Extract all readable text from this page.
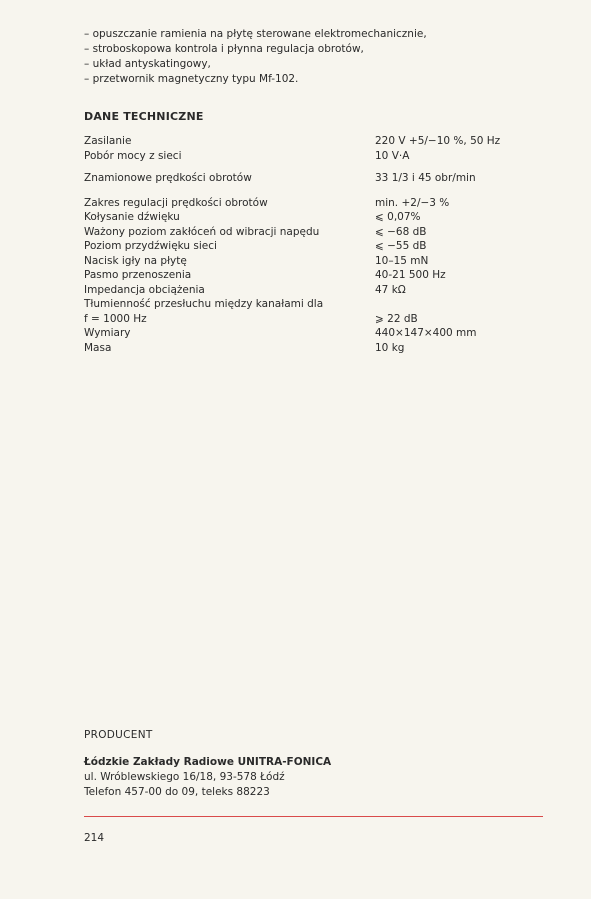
– opuszczanie ramienia na płytę sterowane elektromechanicznie,
– stroboskopowa kontrola i płynna regulacja obrotów,
– układ antyskatingowy,
– przetwornik magnetyczny typu Mf-102.
DANE TECHNICZNE
Zasilanie	220 V +5/−10 %, 50 Hz
Pobór mocy z sieci	10 V·A
Znamionowe prędkości obrotów	33 1/3 i 45 obr/min
Zakres regulacji prędkości obrotów	min. +2/−3 %
Kołysanie dźwięku	⩽ 0,07%
Ważony poziom zakłóceń od wibracji napędu	⩽ −68 dB
Poziom przydźwięku sieci	⩽ −55 dB
Nacisk igły na płytę	10–15 mN
Pasmo przenoszenia	40-21 500 Hz
Impedancja obciążenia	47 kΩ
Tłumienność przesłuchu między kanałami dla f = 1000 Hz	⩾ 22 dB
Wymiary	440×147×400 mm
Masa	10 kg
PRODUCENT
Łódzkie Zakłady Radiowe UNITRA-FONICA
ul. Wróblewskiego 16/18, 93-578 Łódź
Telefon 457-00 do 09, teleks 88223
214
